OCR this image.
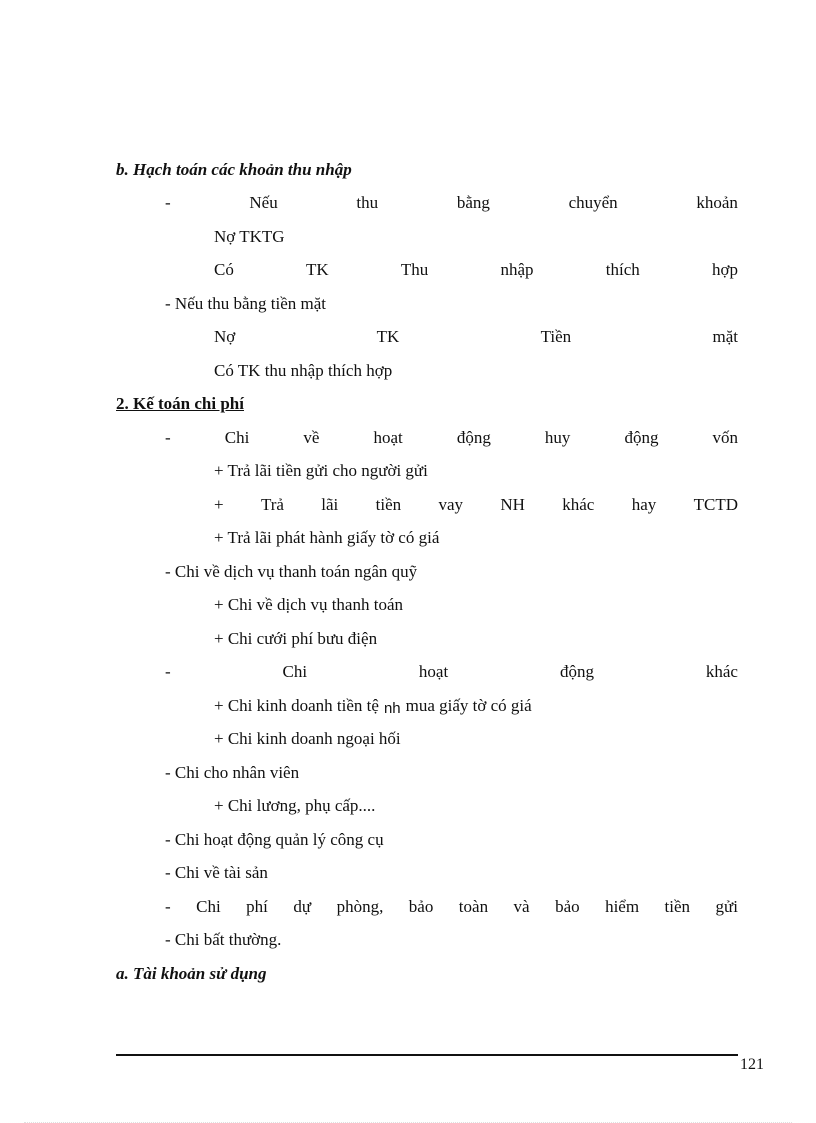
b. Hạch toán các khoản thu nhập
-	Nếu	thu	bằng	chuyển	khoản
Nợ TKTG
Có	TK	Thu	nhập	thích	hợp
- Nếu thu bằng tiền mặt
Nợ	TK	Tiền	mặt
Có TK thu nhập thích hợp
2. Kế toán chi phí
-	Chi	về	hoạt	động	huy	động	vốn
+ Trả lãi tiền gửi cho người gửi
+ Trả lãi tiền vay NH khác hay TCTD
+ Trả lãi phát hành giấy tờ có giá
- Chi về dịch vụ thanh toán ngân quỹ
+ Chi về dịch vụ thanh toán
+ Chi cưới phí bưu điện
-	Chi	hoạt	động	khác
+ Chi kinh doanh tiền tệ nh mua giấy tờ có giá
+ Chi kinh doanh ngoại hối
- Chi cho nhân viên
+ Chi lương, phụ cấp....
- Chi hoạt động quản lý công cụ
- Chi về tài sản
- Chi phí dự phòng, bảo toàn và bảo hiểm tiền gửi
- Chi bất thường.
a. Tài khoản sử dụng
121
